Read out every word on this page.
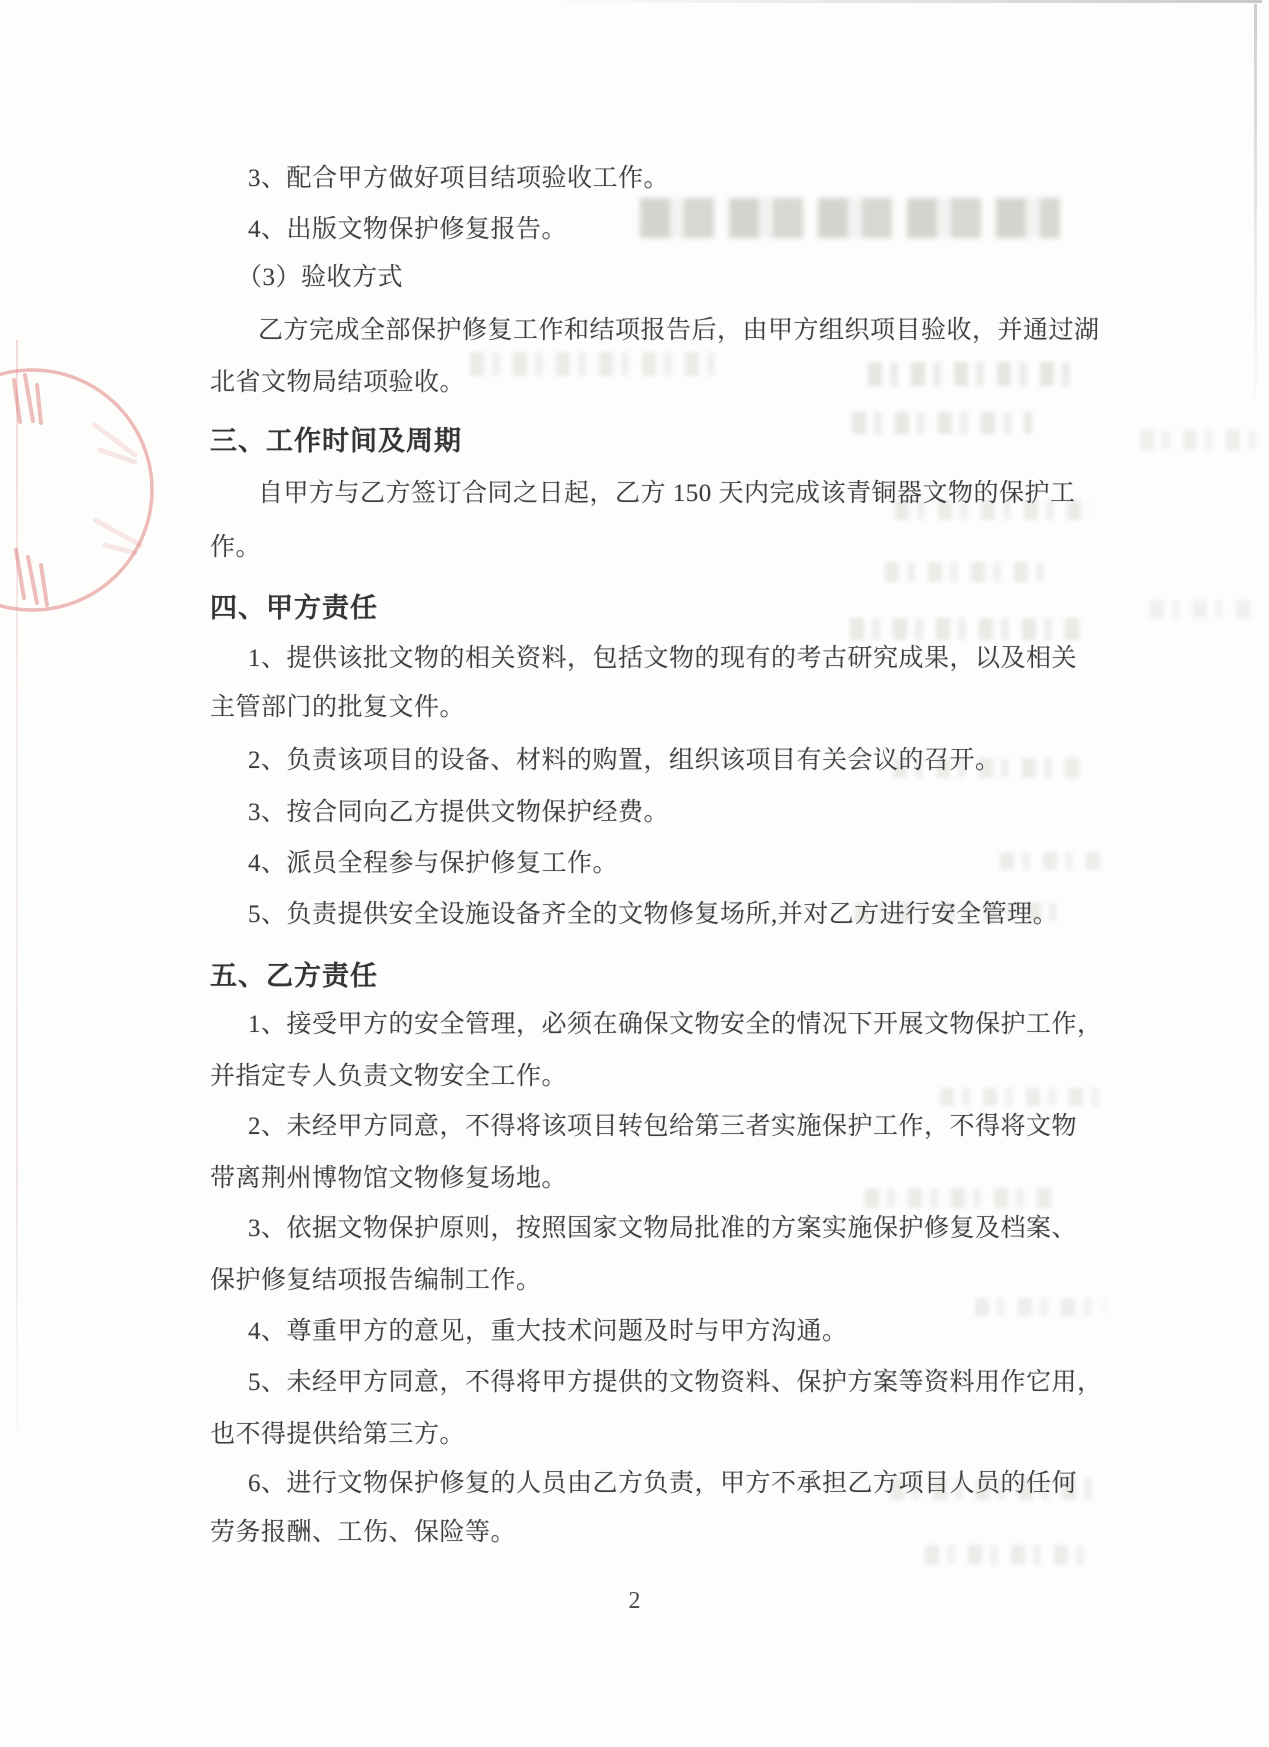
3、配合甲方做好项目结项验收工作。
4、出版文物保护修复报告。
（3）验收方式
乙方完成全部保护修复工作和结项报告后，由甲方组织项目验收，并通过湖
北省文物局结项验收。
三、工作时间及周期
自甲方与乙方签订合同之日起，乙方 150 天内完成该青铜器文物的保护工
作。
四、甲方责任
1、提供该批文物的相关资料，包括文物的现有的考古研究成果，以及相关
主管部门的批复文件。
2、负责该项目的设备、材料的购置，组织该项目有关会议的召开。
3、按合同向乙方提供文物保护经费。
4、派员全程参与保护修复工作。
5、负责提供安全设施设备齐全的文物修复场所,并对乙方进行安全管理。
五、乙方责任
1、接受甲方的安全管理，必须在确保文物安全的情况下开展文物保护工作，
并指定专人负责文物安全工作。
2、未经甲方同意，不得将该项目转包给第三者实施保护工作，不得将文物
带离荆州博物馆文物修复场地。
3、依据文物保护原则，按照国家文物局批准的方案实施保护修复及档案、
保护修复结项报告编制工作。
4、尊重甲方的意见，重大技术问题及时与甲方沟通。
5、未经甲方同意，不得将甲方提供的文物资料、保护方案等资料用作它用，
也不得提供给第三方。
6、进行文物保护修复的人员由乙方负责，甲方不承担乙方项目人员的任何
劳务报酬、工伤、保险等。
2
